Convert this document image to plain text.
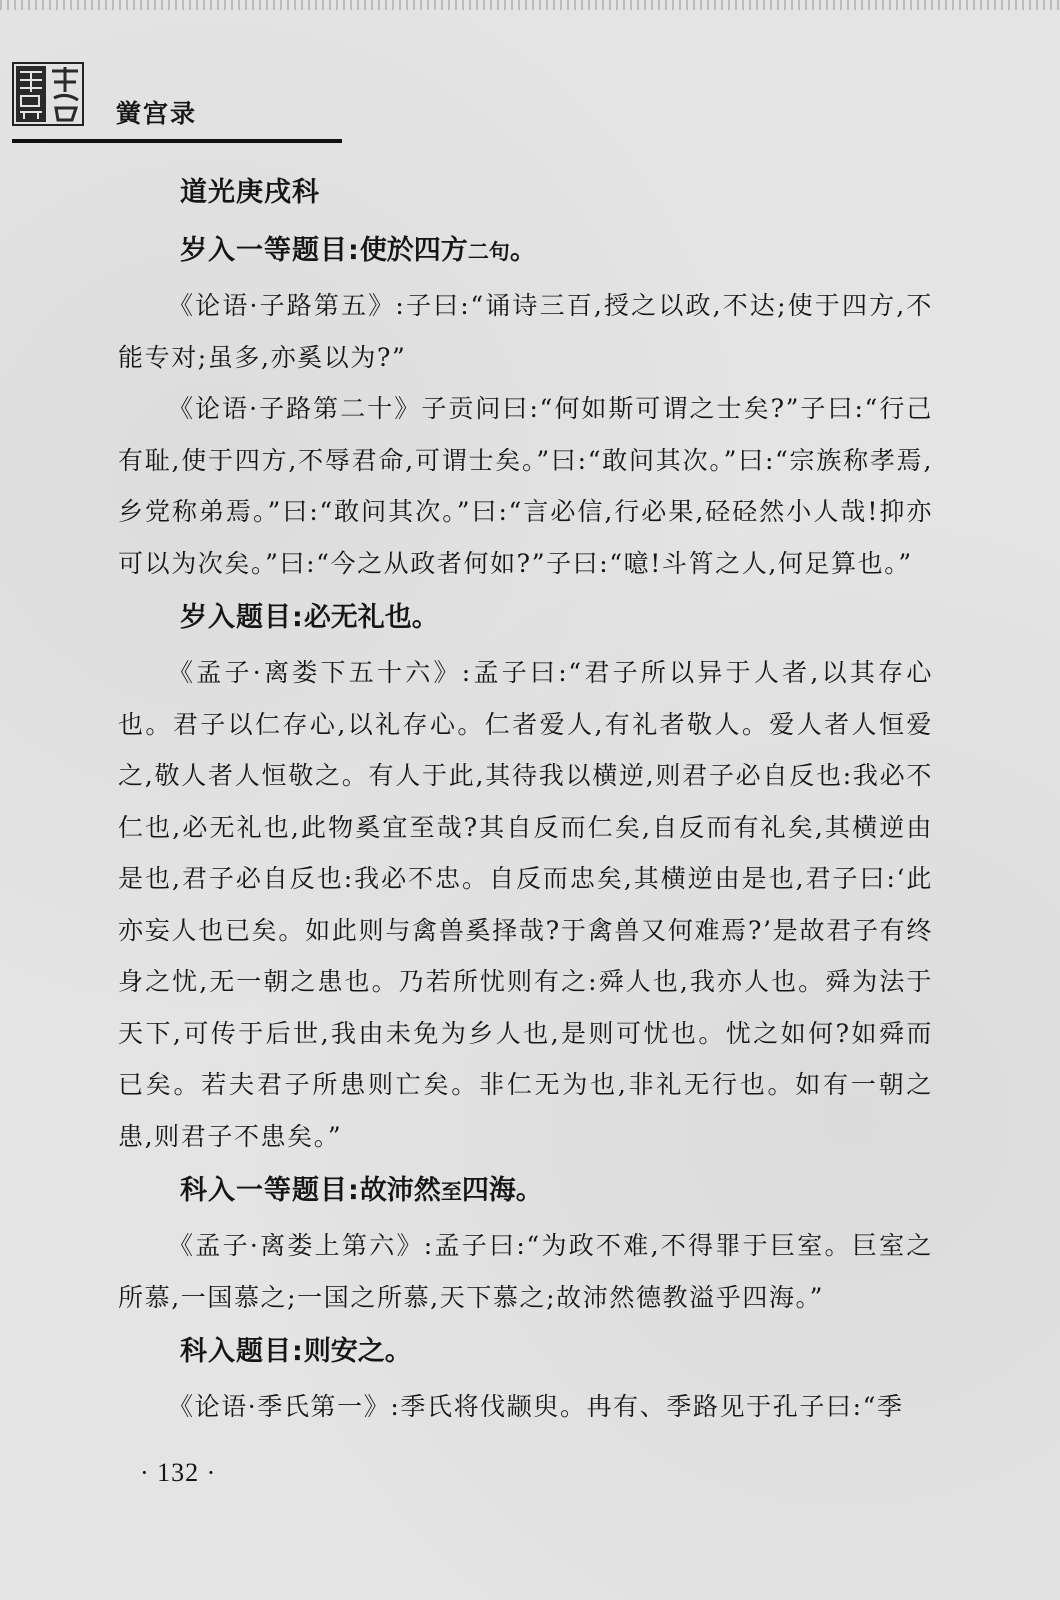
黉宫录
道光庚戌科
岁入一等题目:使於四方二句。

《论语·子路第五》:子曰:“诵诗三百,授之以政,不达;使于四方,不能专对;虽多,亦奚以为?”

《论语·子路第二十》子贡问曰:“何如斯可谓之士矣?”子曰:“行己有耻,使于四方,不辱君命,可谓士矣。”曰:“敢问其次。”曰:“宗族称孝焉,乡党称弟焉。”曰:“敢问其次。”曰:“言必信,行必果,硁硁然小人哉!抑亦可以为次矣。”曰:“今之从政者何如?”子曰:“噫!斗筲之人,何足算也。”

岁入题目:必无礼也。

《孟子·离娄下五十六》:孟子曰:“君子所以异于人者,以其存心也。君子以仁存心,以礼存心。仁者爱人,有礼者敬人。爱人者人恒爱之,敬人者人恒敬之。有人于此,其待我以横逆,则君子必自反也:我必不仁也,必无礼也,此物奚宜至哉?其自反而仁矣,自反而有礼矣,其横逆由是也,君子必自反也:我必不忠。自反而忠矣,其横逆由是也,君子曰:‘此亦妄人也已矣。如此则与禽兽奚择哉?于禽兽又何难焉?’是故君子有终身之忧,无一朝之患也。乃若所忧则有之:舜人也,我亦人也。舜为法于天下,可传于后世,我由未免为乡人也,是则可忧也。忧之如何?如舜而已矣。若夫君子所患则亡矣。非仁无为也,非礼无行也。如有一朝之患,则君子不患矣。”

科入一等题目:故沛然至四海。

《孟子·离娄上第六》:孟子曰:“为政不难,不得罪于巨室。巨室之所慕,一国慕之;一国之所慕,天下慕之;故沛然德教溢乎四海。”

科入题目:则安之。

《论语·季氏第一》:季氏将伐颛臾。冉有、季路见于孔子曰:“季

· 132 ·
